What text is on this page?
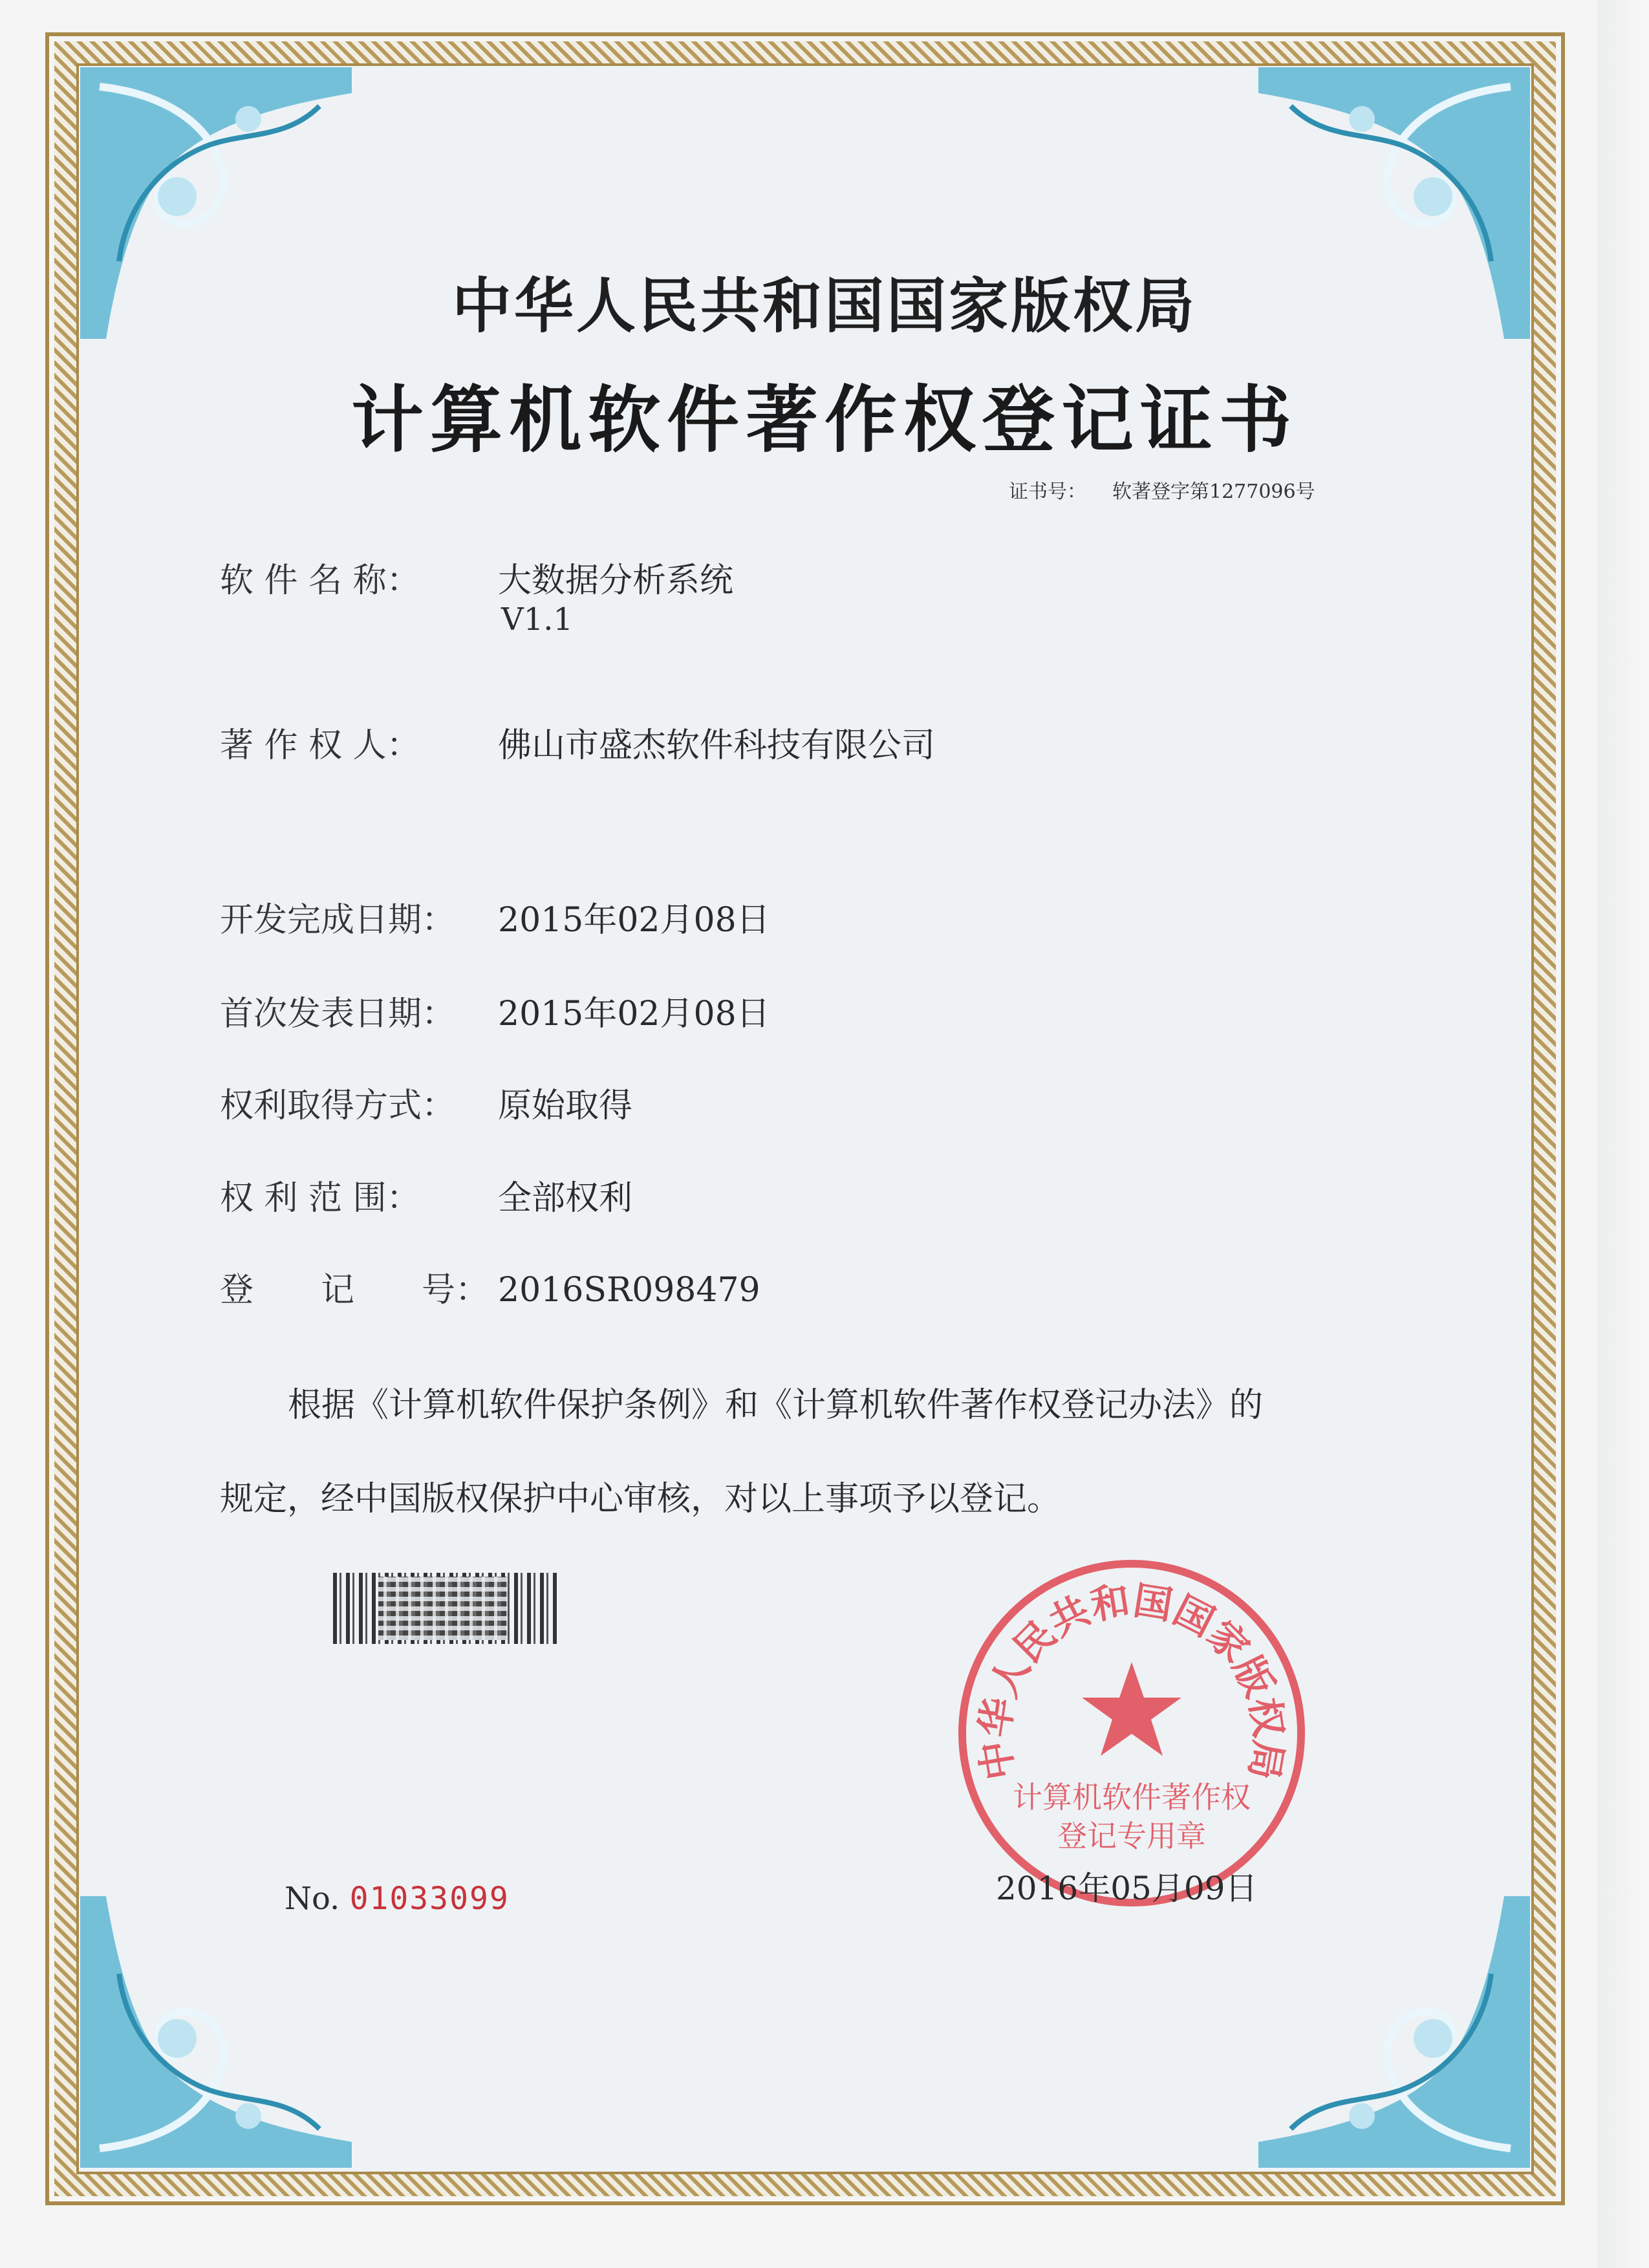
中华人民共和国国家版权局
计算机软件著作权登记证书
证书号： 软著登字第1277096号
软 件 名 称： 大数据分析系统
V1.1
著 作 权 人： 佛山市盛杰软件科技有限公司
开发完成日期： 2015年02月08日
首次发表日期： 2015年02月08日
权利取得方式： 原始取得
权 利 范 围： 全部权利
登　　记　　号： 2016SR098479
根据《计算机软件保护条例》和《计算机软件著作权登记办法》的
规定，经中国版权保护中心审核，对以上事项予以登记。
No. 01033099
中华人民共和国国家版权局
计算机软件著作权
登记专用章
2016年05月09日
